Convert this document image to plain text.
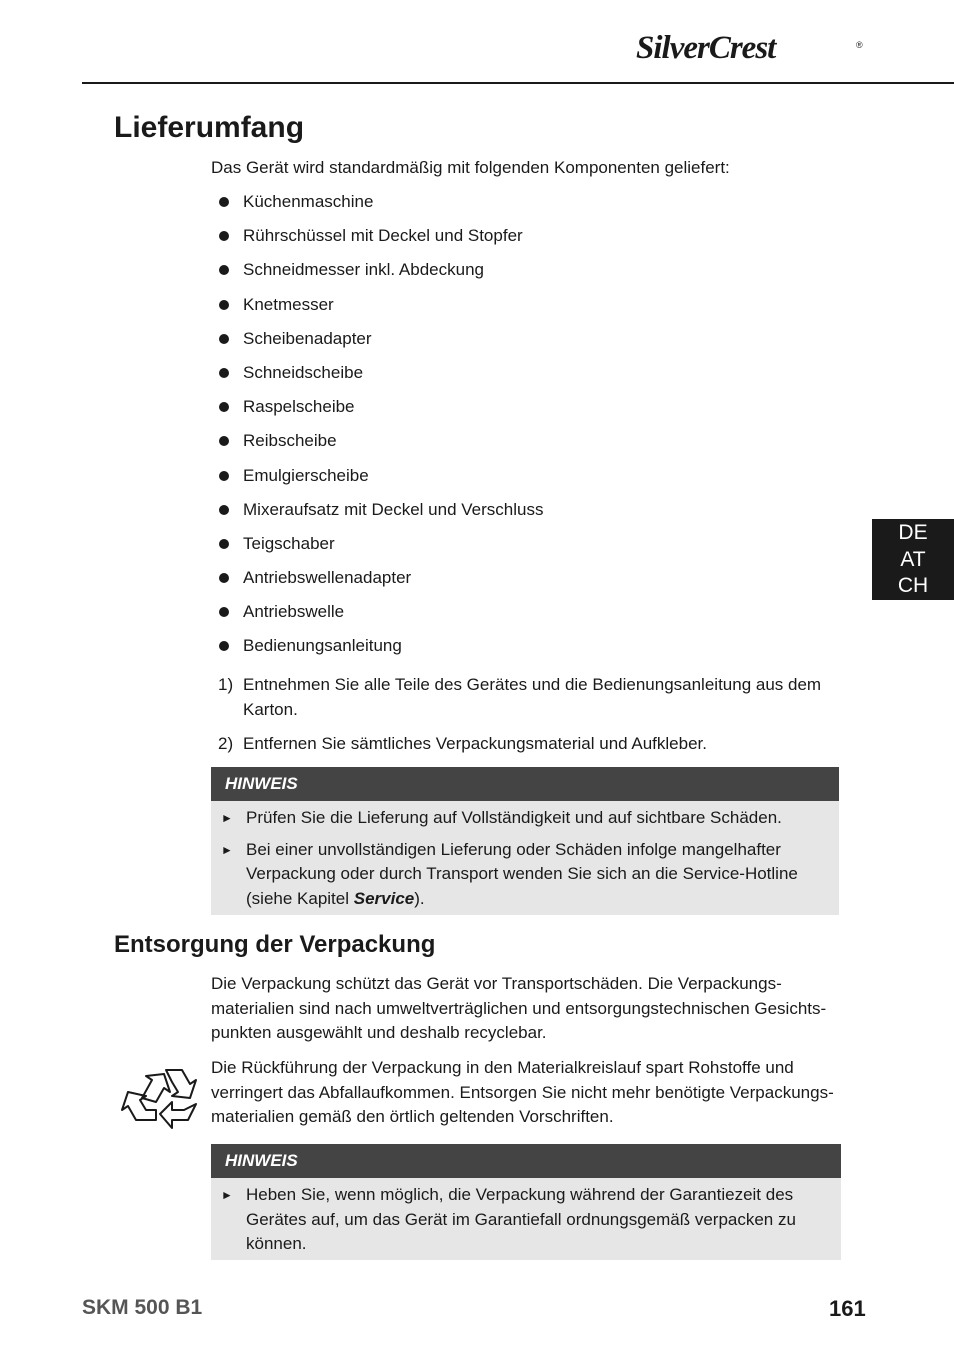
SilverCrest	®
DE
AT
CH
Lieferumfang
Das Gerät wird standardmäßig mit folgenden Komponenten geliefert:
Küchenmaschine
Rührschüssel mit Deckel und Stopfer
Schneidmesser inkl. Abdeckung
Knetmesser
Scheibenadapter
Schneidscheibe
Raspelscheibe
Reibscheibe
Emulgierscheibe
Mixeraufsatz mit Deckel und Verschluss
Teigschaber
Antriebswellenadapter
Antriebswelle
Bedienungsanleitung
1) Entnehmen Sie alle Teile des Gerätes und die Bedienungsanleitung aus dem Karton.
2) Entfernen Sie sämtliches Verpackungsmaterial und Aufkleber.
HINWEIS
► Prüfen Sie die Lieferung auf Vollständigkeit und auf sichtbare Schäden.
► Bei einer unvollständigen Lieferung oder Schäden infolge mangelhafter Verpackung oder durch Transport wenden Sie sich an die Service-Hotline (siehe Kapitel Service).
Entsorgung der Verpackung
Die Verpackung schützt das Gerät vor Transportschäden. Die Verpackungsmaterialien sind nach umweltverträglichen und entsorgungstechnischen Gesichtspunkten ausgewählt und deshalb recyclebar.
Die Rückführung der Verpackung in den Materialkreislauf spart Rohstoffe und verringert das Abfallaufkommen. Entsorgen Sie nicht mehr benötigte Verpackungsmaterialien gemäß den örtlich geltenden Vorschriften.
HINWEIS
► Heben Sie, wenn möglich, die Verpackung während der Garantiezeit des Gerätes auf, um das Gerät im Garantiefall ordnungsgemäß verpacken zu können.
SKM 500 B1	161
